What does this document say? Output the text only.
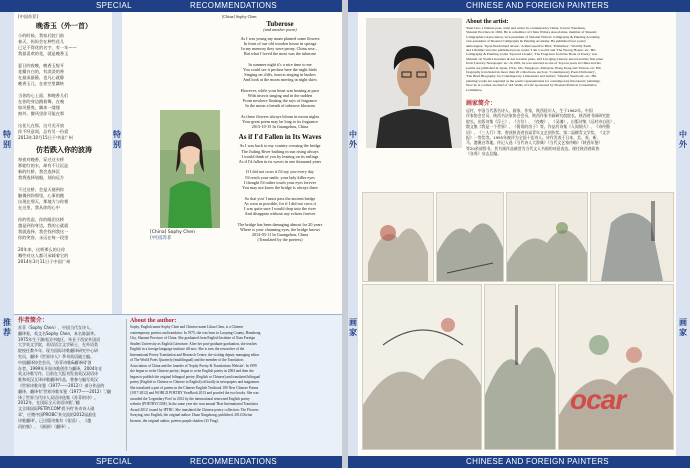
SPECIAL	RECOMMENDATIONS
特
别
推
荐
特
别
[中国苏菲]
晚香玉（外一首）
小的时候，我家后院门前
春天，妈妈会在种些花儿
已记不得花的名字，有一年——
我最喜欢的花，就是晚香玉

夏日的夜晚，晚香玉绽开
花瓣白白的，有淡淡的香
在最深最静，也凡心就静
晚香玉儿，在夜空里飘转

当你的心上面，和晚香儿们
在你的身边跳着舞，在嗅
如风摇曳，飘来一缕缕
窗外，微风里你可能在那

这花儿在那，这月光开放
你不经意间，总有另一份爱
2013年10月15日于中国广州
仿若跌入你的波涛
每夜对晚香，穿过这夫桥
那轮红的水，却有不让沉淀
新的红桥，我会选择沉
我将选择划船，划向远方

不过这桥，会是天使到你
触摸到你那里，心事的跑
出现在那天，那地方与你相
在这里，我从你的心中

你的忧虑，你的眼泪这桥
越是到你身边，我的心就就
我就选择，我会找到我这一
你的笑容，永远在每一段里

20年来，这桥那么的让你
哪些对这人都可承载着它的
2014年3月11日于中国广州
[China] Sophy Chen
[中国]苏菲
[China] Sophy Chen
Tuberose
(and another poem)
As I was young my mum planted some flowers
In front of our old wooden house in springs
In my memory they were peony, China rose…
But what I loved the most was the tuberose

In summer night it's a nice time to me
You could see it profuse here the night birds
Singing on cliffs, insects singing in bushes
And look at the moon moving in night skies

However, while your heart was beating at pace
With insects singing and in the sudden
From nowhere floating the rays of fragrance
In the moon a breath of tuberose blossom

As these flowers always bloom in moon nights
Your great poem may be long to its fragrance
2013-10-15 In Guangzhou, China
As if I'd Fallen in Its Waves
As I was back to my country crossing the bridge
The Jiuling River bathing in sun rising always
I would think of you by leaning on its railings
As if I'd fallen in its waves in one thousand years

If I did not cross it I'd say you every day
I'd reach your smile, your lady killer eyes
I thought I'd rather touch your eyes forever
You may not know the bridge is always there

So that you' I must pass the ancient bridge
As soon as possible, for if I did not cross it
I was quite sure I would drop into the river
And disappear without any echoes forever

The bridge has been damaging almost for 20 years
Where is your charming eyes, the bridge knows
2014-03-11 In Guangzhou, China
(Translated by the poetess)
作者简介：
苏菲（Sophy Chen），中国当代女诗人、
翻译家，英文名Sophy Chen，本名陈淑华。
1975年生于湖南汉中地区，毕业于西安外国语
大学英文学院，英语语言文学硕士，在外语类
院校任教多年，现为国际诗歌翻译研究中心研
究员，翻译《世界诗人》季刊英语副主编。
中国翻译协会会员，'苏菲诗歌&翻译网'创
办者。1999年开始诗歌创作与翻译，2004年在
英文诗歌写作，目前在大报刊发表英汉双语诗
歌和英汉互译诗歌翻译作品，曾参与编写英汉
《世界诗歌年鉴（1977——2012）》部分作品的
翻译，翻译有'世界诗歌年鉴（1977——2012）','翻
译了世界当代诗人双语诗选集《苏菲的诗》。
2012年，在国际全天英语诗歌','翻
文全球国际PETRY.COM'授予的'传奇诗人勋
章'，应邀中国PROBC'来交流的2012届最佳
诗歌翻译'。已出版诗集有《花语》、《越
再拍集》、《画册》（翻译）。
About the author:
Sophy, English name Sophy Chen and Chinese name Lihua Chen, is a Chinese
contemporary poetess and translator. In 1975, she was born in Luoyang County, Hanzhong
City, Shaanxi Province of China. She graduated from English Institute of Xian Foreign
Studies University as English Literature. After her post-graduate graduation, she teaches
English in a foreign language institute till now. She is now the researcher of the
International Poetry Translation and Research Centre, the visiting deputy managing editor
of The World Poets Quarterly (multilingual) and the member of the Translators
Association of China and the founder of 'Sophy Poetry & Translations Website'. In 1999
she began to write Chinese poetry; began to write English poetry in 2004 and then she
began to publish the original bilingual poetry (English or Chinese) and translated bilingual
poetry (English to Chinese or Chinese to English) officially in newspapers and magazines.
She translated a part of poems in the Chinese-English Textbook 100 New Chinese Poems
(1917-2012) and WORLD POETRY YearBook 2013 and proofed the two books. She was
awarded the 'Legendary Poet' in 2012 by the international renowned English poetry
website (POETRY.COM). In the same year she won annual 'Best International Translator
Award 2012' issued by IPTRC. She translated the Chinese poetry collection: The Flowers
Swaying, into English, the original author: Duan Xingzhong, published, 2014 Divine
Incense, the original author, poetess purple shadow (Zi Ying).
SPECIAL	RECOMMENDATIONS
CHINESE AND FOREIGN PAINTERS
中
外
画
家
中
外
画
家
About the artist:
Yuan Cuo, a famous poet, artist and writer in contemporary China, born in Yanchuan,
Shaanxi Province in 1962. He is a member of China Writers Association, member of Shaanxi
Calligrapher's Association, vice-president of Shaanxi Writers' Calligraphy & Painting Academy,
vice-president of Shaanxi Calligraphy & Painting Academy. He published four poetry
anthologies: 'Upon Borderland Alone', 'A Retrospective Bird', 'Primitives', 'Worldly Earth
and Lifetime' and also published prose works 'I am a world' and 'The Wrong House', etc. His
Calligraphy & Painting works 'Upward Clouds', 'The Fragrance from the Book of Poetry' was
Shaanxi 1st Youth Literature & Art creation prize, 2nd Liu Qing Literary Award and the first prize
from 'Literary Newspaper' etc. In 1991, he was selected as one of Top ten poets in China and his
poems are published in Japan, USA, UK, Singapore, Malaysia, Hong Kong and Taiwan, etc. His
biography is included in more than 20 collections, such as: 'Contemporary Poets Dictionary',
'The Brief Biography for Contemporary Litterateurs and Artists', 'Shaanxi Yearbook', etc. His
painting works are regarded as the poetic representation for contemporary litterateurs' paintings.
Now he is a editor-in-chief of 'All Walks of Life' sponsored by Shaanxi Political Consultative
Committee.
画家简介：
远村，中国当代著名诗人、画家、作家，陕西延川人，生于1962年。中国
作家协会会员，陕西书法家协会会员，陕西作家书画研究院院长，陕西省书画研究院
院长。出版诗集《浮土》、《方位》、《夜晚》、《灵魂》，出版诗集《远村诗自选》，
散文集《我是一个世界》、《错误的房子》等。作品有诗集《人间烟火》、《诗经散
语》、《三人行》等，曾获陕西省首届青年文艺创作奖、第二届柳青文学奖、《文学
报》一等奖等。1995年被评为全国十佳诗人。诗作发表于日本、美、英、新、
马、港澳台等地。传记入选《当代诗人大辞典》《当代文艺家传略》《陕西年鉴》
等20余部辞书。其书画作品被誉为当代文人书画的诗意表达。现任陕西省政协
《各界》杂志总编。
ocar
CHINESE AND FOREIGN PAINTERS
